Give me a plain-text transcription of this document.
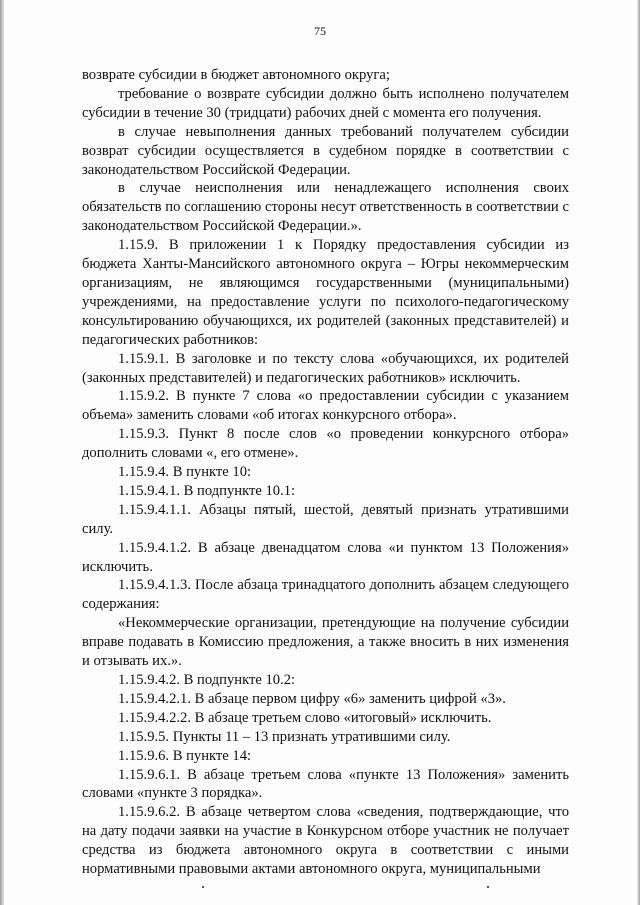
75

возврате субсидии в бюджет автономного округа;

требование о возврате субсидии должно быть исполнено получателем субсидии в течение 30 (тридцати) рабочих дней с момента его получения.

в случае невыполнения данных требований получателем субсидии возврат субсидии осуществляется в судебном порядке в соответствии с законодательством Российской Федерации.

в случае неисполнения или ненадлежащего исполнения своих обязательств по соглашению стороны несут ответственность в соответствии с законодательством Российской Федерации.».

1.15.9. В приложении 1 к Порядку предоставления субсидии из бюджета Ханты-Мансийского автономного округа – Югры некоммерческим организациям, не являющимся государственными (муниципальными) учреждениями, на предоставление услуги по психолого-педагогическому консультированию обучающихся, их родителей (законных представителей) и педагогических работников:

1.15.9.1. В заголовке и по тексту слова «обучающихся, их родителей (законных представителей) и педагогических работников» исключить.

1.15.9.2. В пункте 7 слова «о предоставлении субсидии с указанием объема» заменить словами «об итогах конкурсного отбора».

1.15.9.3. Пункт 8 после слов «о проведении конкурсного отбора» дополнить словами «, его отмене».

1.15.9.4. В пункте 10:

1.15.9.4.1. В подпункте 10.1:

1.15.9.4.1.1. Абзацы пятый, шестой, девятый признать утратившими силу.

1.15.9.4.1.2. В абзаце двенадцатом слова «и пунктом 13 Положения» исключить.

1.15.9.4.1.3. После абзаца тринадцатого дополнить абзацем следующего содержания:

«Некоммерческие организации, претендующие на получение субсидии вправе подавать в Комиссию предложения, а также вносить в них изменения и отзывать их.».

1.15.9.4.2. В подпункте 10.2:

1.15.9.4.2.1. В абзаце первом цифру «6» заменить цифрой «3».

1.15.9.4.2.2. В абзаце третьем слово «итоговый» исключить.

1.15.9.5. Пункты 11 – 13 признать утратившими силу.

1.15.9.6. В пункте 14:

1.15.9.6.1. В абзаце третьем слова «пункте 13 Положения» заменить словами «пункте 3 порядка».

1.15.9.6.2. В абзаце четвертом слова «сведения, подтверждающие, что на дату подачи заявки на участие в Конкурсном отборе участник не получает средства из бюджета автономного округа в соответствии с иными нормативными правовыми актами автономного округа, муниципальными
